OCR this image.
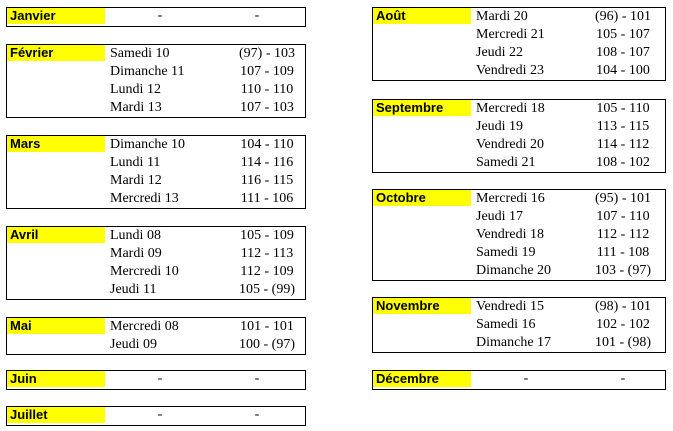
Janvier	-	-
Février	Samedi 10	(97) - 103
Dimanche 11	107 - 109
Lundi 12	110 - 110
Mardi 13	107 - 103
Mars	Dimanche 10	104 - 110
Lundi 11	114 - 116
Mardi 12	116 - 115
Mercredi 13	111 - 106
Avril	Lundi 08	105 - 109
Mardi 09	112 - 113
Mercredi 10	112 - 109
Jeudi 11	105 - (99)
Mai	Mercredi 08	101 - 101
Jeudi 09	100 - (97)
Juin	-	-
Juillet	-	-
Août	Mardi 20	(96) - 101
Mercredi 21	105 - 107
Jeudi 22	108 - 107
Vendredi 23	104 - 100
Septembre	Mercredi 18	105 - 110
Jeudi 19	113 - 115
Vendredi 20	114 - 112
Samedi 21	108 - 102
Octobre	Mercredi 16	(95) - 101
Jeudi 17	107 - 110
Vendredi 18	112 - 112
Samedi 19	111 - 108
Dimanche 20	103 - (97)
Novembre	Vendredi 15	(98) - 101
Samedi 16	102 - 102
Dimanche 17	101 - (98)
Décembre	-	-
